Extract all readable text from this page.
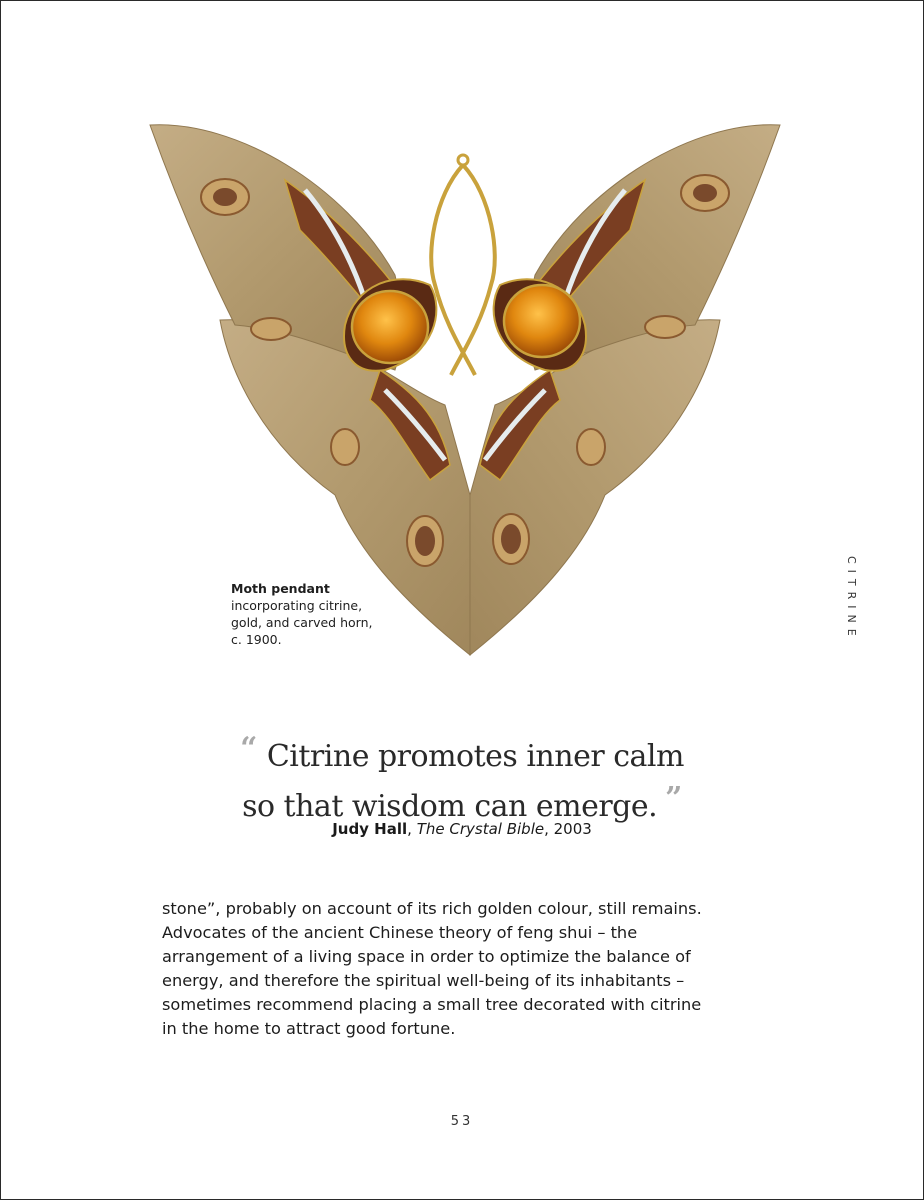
Moth pendant
incorporating citrine, gold, and carved horn, c. 1900.	CITRINE
“ Citrine promotes inner calm
so that wisdom can emerge. ”
Judy Hall, The Crystal Bible, 2003
stone”, probably on account of its rich golden colour, still remains.
Advocates of the ancient Chinese theory of feng shui – the
arrangement of a living space in order to optimize the balance of
energy, and therefore the spiritual well-being of its inhabitants –
sometimes recommend placing a small tree decorated with citrine
in the home to attract good fortune.
53
